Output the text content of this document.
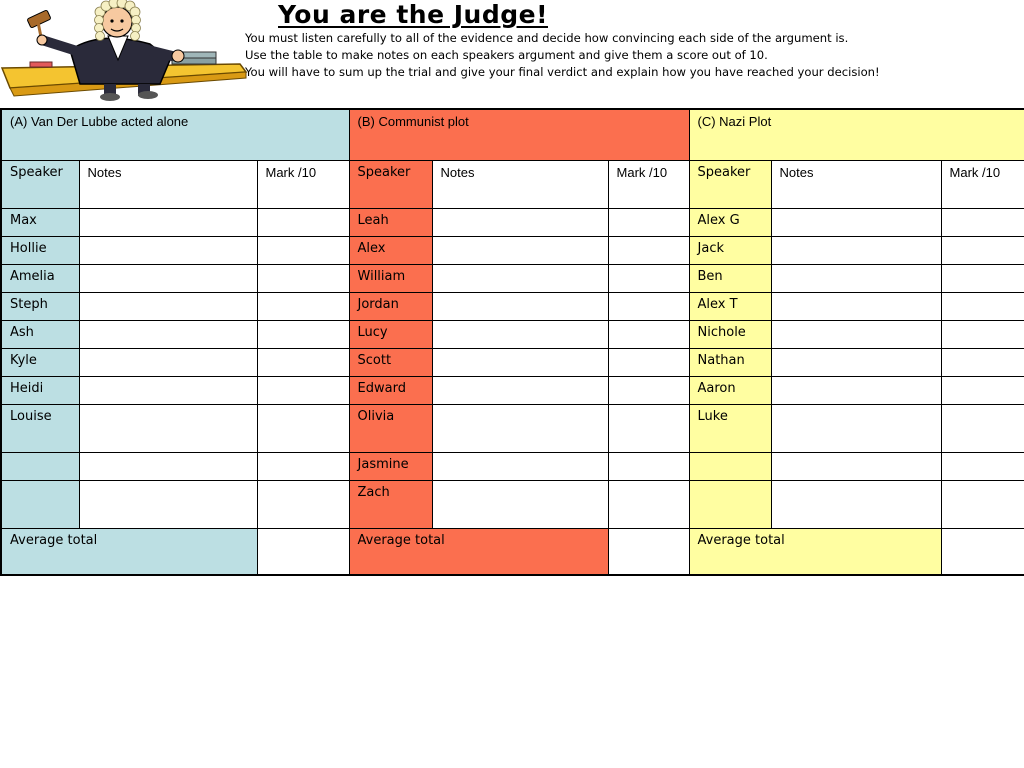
You are the Judge!
You must listen carefully to all of the evidence and decide how convincing each side of the argument is.
Use the table to make notes on each speakers argument and give them a score out of 10.
You will have to sum up the trial and give your final verdict and explain how you have reached your decision!
(A) Van Der Lubbe acted alone			(B) Communist plot			(C) Nazi Plot		
Speaker	Notes	Mark /10	Speaker	Notes	Mark /10	Speaker	Notes	Mark /10
Max			Leah			Alex G		
Hollie			Alex			Jack		
Amelia			William			Ben		
Steph			Jordan			Alex T		
Ash			Lucy			Nichole		
Kyle			Scott			Nathan		
Heidi			Edward			Aaron		
Louise			Olivia			Luke		
			Jasmine					
			Zach					
Average total			Average total			Average total		
